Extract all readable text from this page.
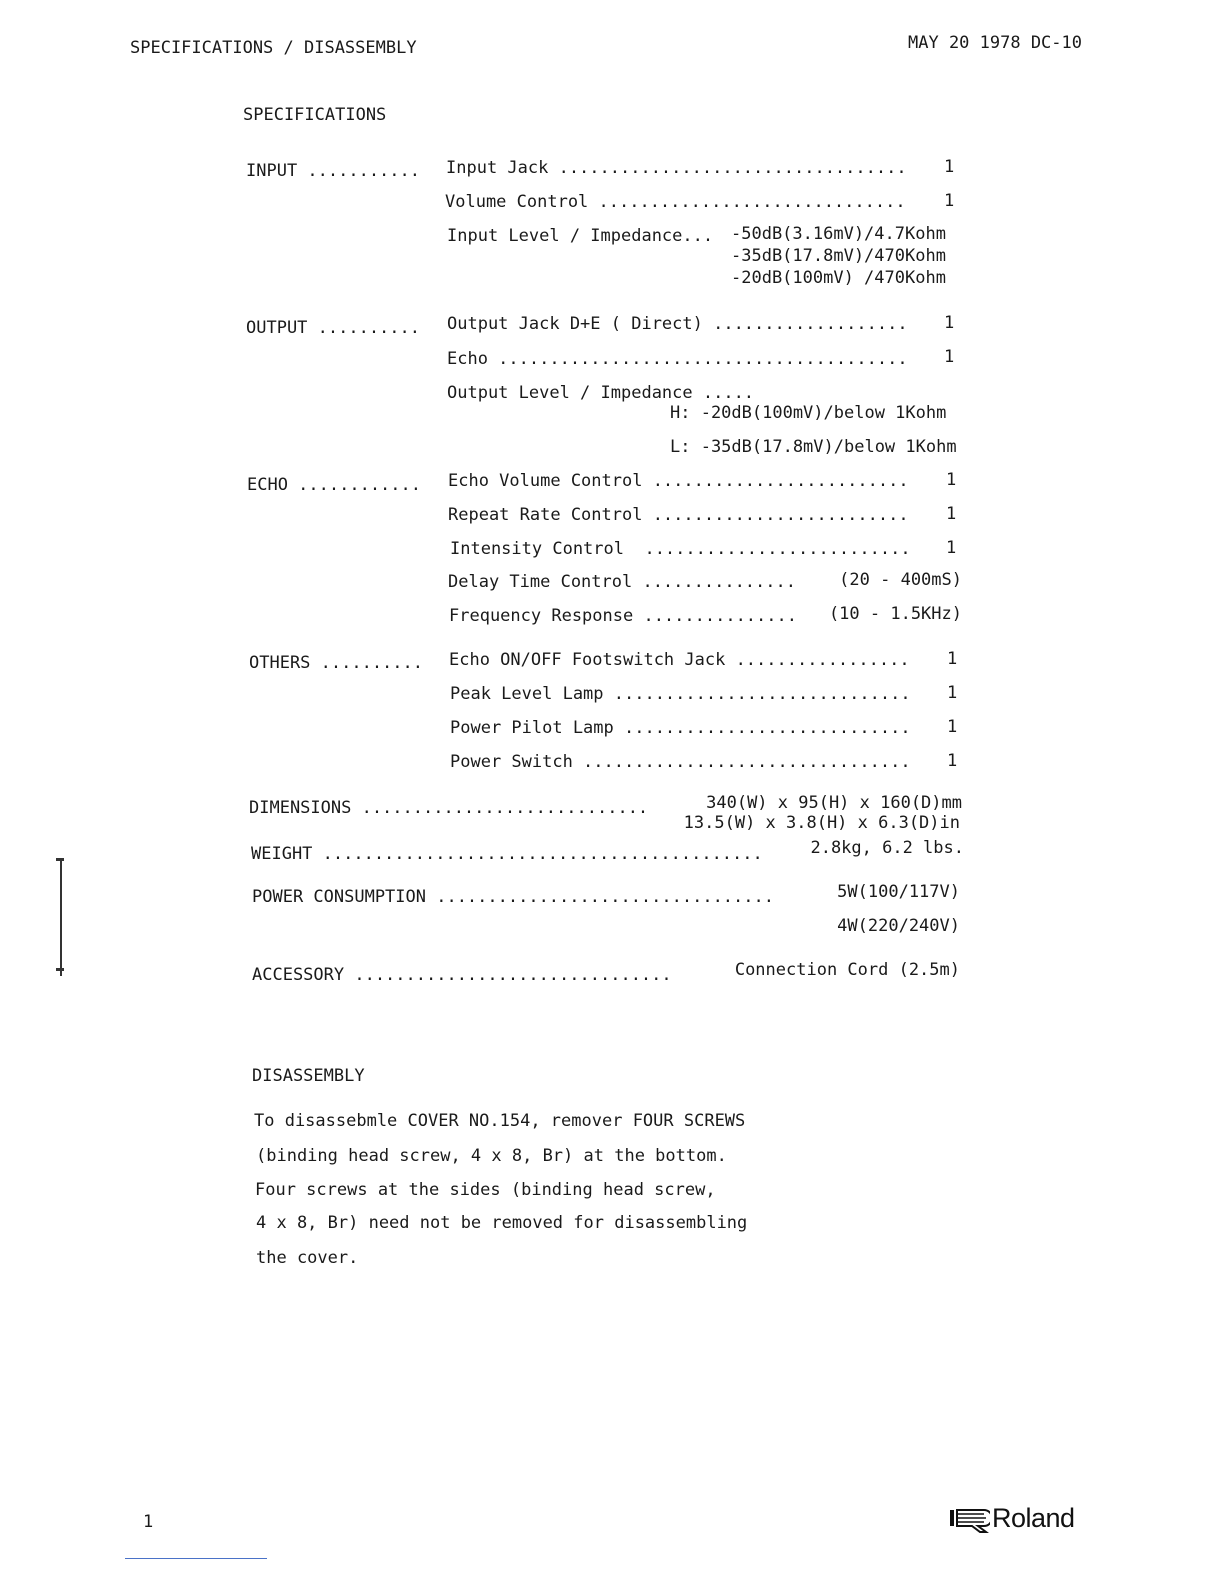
SPECIFICATIONS / DISASSEMBLY	MAY 20 1978 DC-10
SPECIFICATIONS
INPUT ........... Input Jack .................................. 1
Volume Control .............................. 1
Input Level / Impedance... -50dB(3.16mV)/4.7Kohm
-35dB(17.8mV)/470Kohm
-20dB(100mV) /470Kohm
OUTPUT .......... Output Jack D+E ( Direct) ................... 1
Echo ........................................ 1
Output Level / Impedance .....
H: -20dB(100mV)/below 1Kohm
L: -35dB(17.8mV)/below 1Kohm
ECHO ............ Echo Volume Control ......................... 1
Repeat Rate Control ......................... 1
Intensity Control  .......................... 1
Delay Time Control ...............	(20 - 400mS)
Frequency Response ...............	(10 - 1.5KHz)
OTHERS .......... Echo ON/OFF Footswitch Jack ................. 1
Peak Level Lamp ............................. 1
Power Pilot Lamp ............................ 1
Power Switch ................................ 1
DIMENSIONS ............................	340(W) x 95(H) x 160(D)mm
13.5(W) x 3.8(H) x 6.3(D)in
WEIGHT ...........................................	2.8kg, 6.2 lbs.
POWER CONSUMPTION .................................	5W(100/117V)
4W(220/240V)
ACCESSORY ...............................	Connection Cord (2.5m)
DISASSEMBLY
To disassebmle COVER NO.154, remover FOUR SCREWS
(binding head screw, 4 x 8, Br) at the bottom.
Four screws at the sides (binding head screw,
4 x 8, Br) need not be removed for disassembling
the cover.
1	Roland
